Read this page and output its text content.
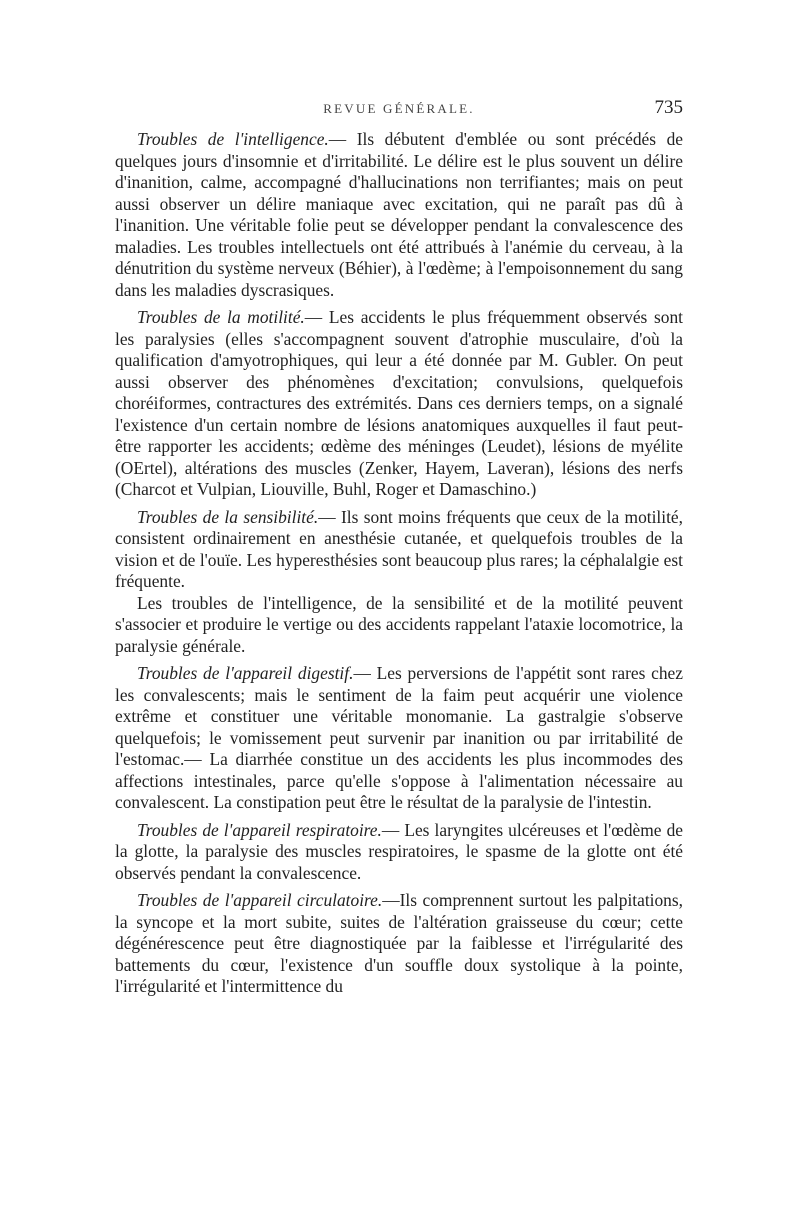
REVUE GÉNÉRALE.	735

Troubles de l'intelligence.— Ils débutent d'emblée ou sont précédés de quelques jours d'insomnie et d'irritabilité. Le délire est le plus souvent un délire d'inanition, calme, accompagné d'hallucinations non terrifiantes; mais on peut aussi observer un délire maniaque avec excitation, qui ne paraît pas dû à l'inanition. Une véritable folie peut se développer pendant la convalescence des maladies. Les troubles intellectuels ont été attribués à l'anémie du cerveau, à la dénutrition du système nerveux (Béhier), à l'œdème; à l'empoisonnement du sang dans les maladies dyscrasiques.

Troubles de la motilité.— Les accidents le plus fréquemment observés sont les paralysies (elles s'accompagnent souvent d'atrophie musculaire, d'où la qualification d'amyotrophiques, qui leur a été donnée par M. Gubler. On peut aussi observer des phénomènes d'excitation; convulsions, quelquefois choréiformes, contractures des extrémités. Dans ces derniers temps, on a signalé l'existence d'un certain nombre de lésions anatomiques auxquelles il faut peut-être rapporter les accidents; œdème des méninges (Leudet), lésions de myélite (OErtel), altérations des muscles (Zenker, Hayem, Laveran), lésions des nerfs (Charcot et Vulpian, Liouville, Buhl, Roger et Damaschino.)

Troubles de la sensibilité.— Ils sont moins fréquents que ceux de la motilité, consistent ordinairement en anesthésie cutanée, et quelquefois troubles de la vision et de l'ouïe. Les hyperesthésies sont beaucoup plus rares; la céphalalgie est fréquente.

Les troubles de l'intelligence, de la sensibilité et de la motilité peuvent s'associer et produire le vertige ou des accidents rappelant l'ataxie locomotrice, la paralysie générale.

Troubles de l'appareil digestif.— Les perversions de l'appétit sont rares chez les convalescents; mais le sentiment de la faim peut acquérir une violence extrême et constituer une véritable monomanie. La gastralgie s'observe quelquefois; le vomissement peut survenir par inanition ou par irritabilité de l'estomac.— La diarrhée constitue un des accidents les plus incommodes des affections intestinales, parce qu'elle s'oppose à l'alimentation nécessaire au convalescent. La constipation peut être le résultat de la paralysie de l'intestin.

Troubles de l'appareil respiratoire.— Les laryngites ulcéreuses et l'œdème de la glotte, la paralysie des muscles respiratoires, le spasme de la glotte ont été observés pendant la convalescence.

Troubles de l'appareil circulatoire.—Ils comprennent surtout les palpitations, la syncope et la mort subite, suites de l'altération graisseuse du cœur; cette dégénérescence peut être diagnostiquée par la faiblesse et l'irrégularité des battements du cœur, l'existence d'un souffle doux systolique à la pointe, l'irrégularité et l'intermittence du
